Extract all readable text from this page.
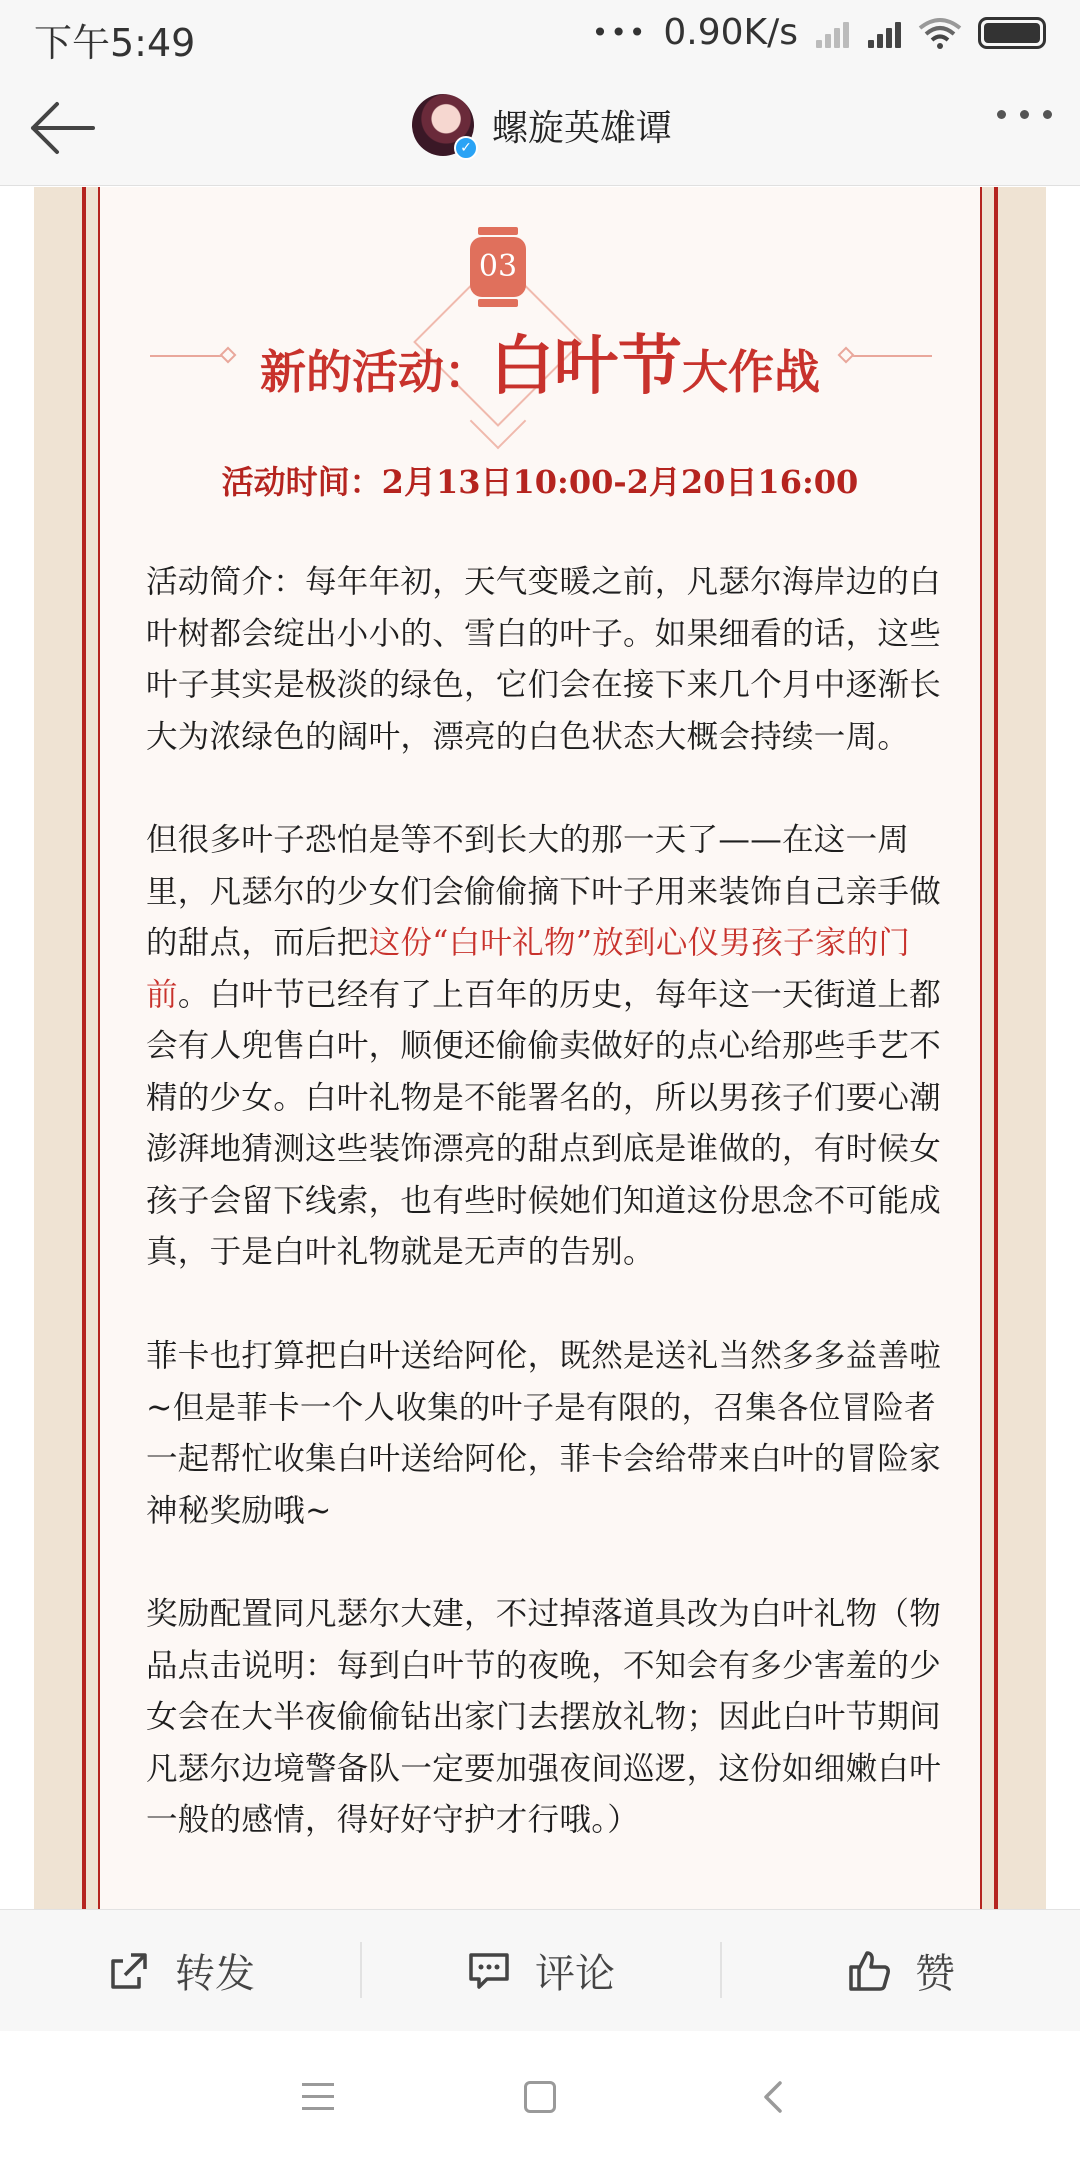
下午5:49	••• 0.90K/s
✓ 螺旋英雄谭
03
新的活动：白叶节大作战
活动时间：2月13日10:00-2月20日16:00
活动简介：每年年初，天气变暖之前，凡瑟尔海岸边的白叶树都会绽出小小的、雪白的叶子。如果细看的话，这些叶子其实是极淡的绿色，它们会在接下来几个月中逐渐长大为浓绿色的阔叶，漂亮的白色状态大概会持续一周。
但很多叶子恐怕是等不到长大的那一天了——在这一周里，凡瑟尔的少女们会偷偷摘下叶子用来装饰自己亲手做的甜点，而后把这份“白叶礼物”放到心仪男孩子家的门前。白叶节已经有了上百年的历史，每年这一天街道上都会有人兜售白叶，顺便还偷偷卖做好的点心给那些手艺不精的少女。白叶礼物是不能署名的，所以男孩子们要心潮澎湃地猜测这些装饰漂亮的甜点到底是谁做的，有时候女孩子会留下线索，也有些时候她们知道这份思念不可能成真，于是白叶礼物就是无声的告别。
菲卡也打算把白叶送给阿伦，既然是送礼当然多多益善啦~但是菲卡一个人收集的叶子是有限的，召集各位冒险者一起帮忙收集白叶送给阿伦，菲卡会给带来白叶的冒险家神秘奖励哦~
奖励配置同凡瑟尔大建，不过掉落道具改为白叶礼物（物品点击说明：每到白叶节的夜晚，不知会有多少害羞的少女会在大半夜偷偷钻出家门去摆放礼物；因此白叶节期间凡瑟尔边境警备队一定要加强夜间巡逻，这份如细嫩白叶一般的感情，得好好守护才行哦。）
转发	评论	赞
